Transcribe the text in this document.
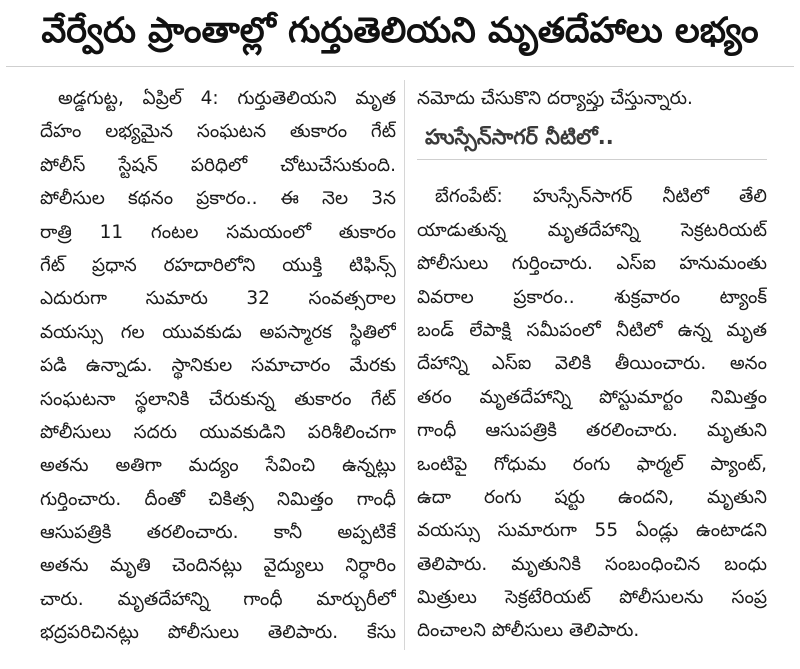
వేర్వేరు ప్రాంతాల్లో గుర్తుతెలియని మృతదేహాలు లభ్యం
అడ్డగుట్ట, ఏప్రిల్ 4: గుర్తుతెలియని మృత
దేహం లభ్యమైన సంఘటన తుకారం గేట్
పోలీస్ స్టేషన్ పరిధిలో చోటుచేసుకుంది.
పోలీసుల కథనం ప్రకారం.. ఈ నెల 3న
రాత్రి 11 గంటల సమయంలో తుకారం
గేట్ ప్రధాన రహదారిలోని యుక్తి టిఫిన్స్
ఎదురుగా సుమారు 32 సంవత్సరాల
వయస్సు గల యువకుడు అపస్మారక స్థితిలో
పడి ఉన్నాడు. స్థానికుల సమాచారం మేరకు
సంఘటనా స్థలానికి చేరుకున్న తుకారం గేట్
పోలీసులు సదరు యువకుడిని పరిశీలించగా
అతను అతిగా మద్యం సేవించి ఉన్నట్లు
గుర్తించారు. దీంతో చికిత్స నిమిత్తం గాంధీ
ఆసుపత్రికి తరలించారు. కానీ అప్పటికే
అతను మృతి చెందినట్లు వైద్యులు నిర్ధారిం
చారు. మృతదేహాన్ని గాంధీ మార్చురీలో
భద్రపరిచినట్లు పోలీసులు తెలిపారు. కేసు
నమోదు చేసుకొని దర్యాప్తు చేస్తున్నారు.
హుస్సేన్‌సాగర్ నీటిలో..
బేగంపేట్: హుస్సేన్‌సాగర్ నీటిలో తేలి
యాడుతున్న మృతదేహాన్ని సెక్రటరియట్
పోలీసులు గుర్తించారు. ఎస్ఐ హనుమంతు
వివరాల ప్రకారం.. శుక్రవారం ట్యాంక్
బండ్ లేపాక్షి సమీపంలో నీటిలో ఉన్న మృత
దేహాన్ని ఎస్ఐ వెలికి తీయించారు. అనం
తరం మృతదేహాన్ని పోస్టుమార్టం నిమిత్తం
గాంధీ ఆసుపత్రికి తరలించారు. మృతుని
ఒంటిపై గోధుమ రంగు ఫార్మల్ ప్యాంట్,
ఉదా రంగు షర్టు ఉందని, మృతుని
వయస్సు సుమారుగా 55 ఏండ్లు ఉంటాడని
తెలిపారు. మృతునికి సంబంధించిన బంధు
మిత్రులు సెక్రటేరియట్ పోలీసులను సంప్ర
దించాలని పోలీసులు తెలిపారు.
